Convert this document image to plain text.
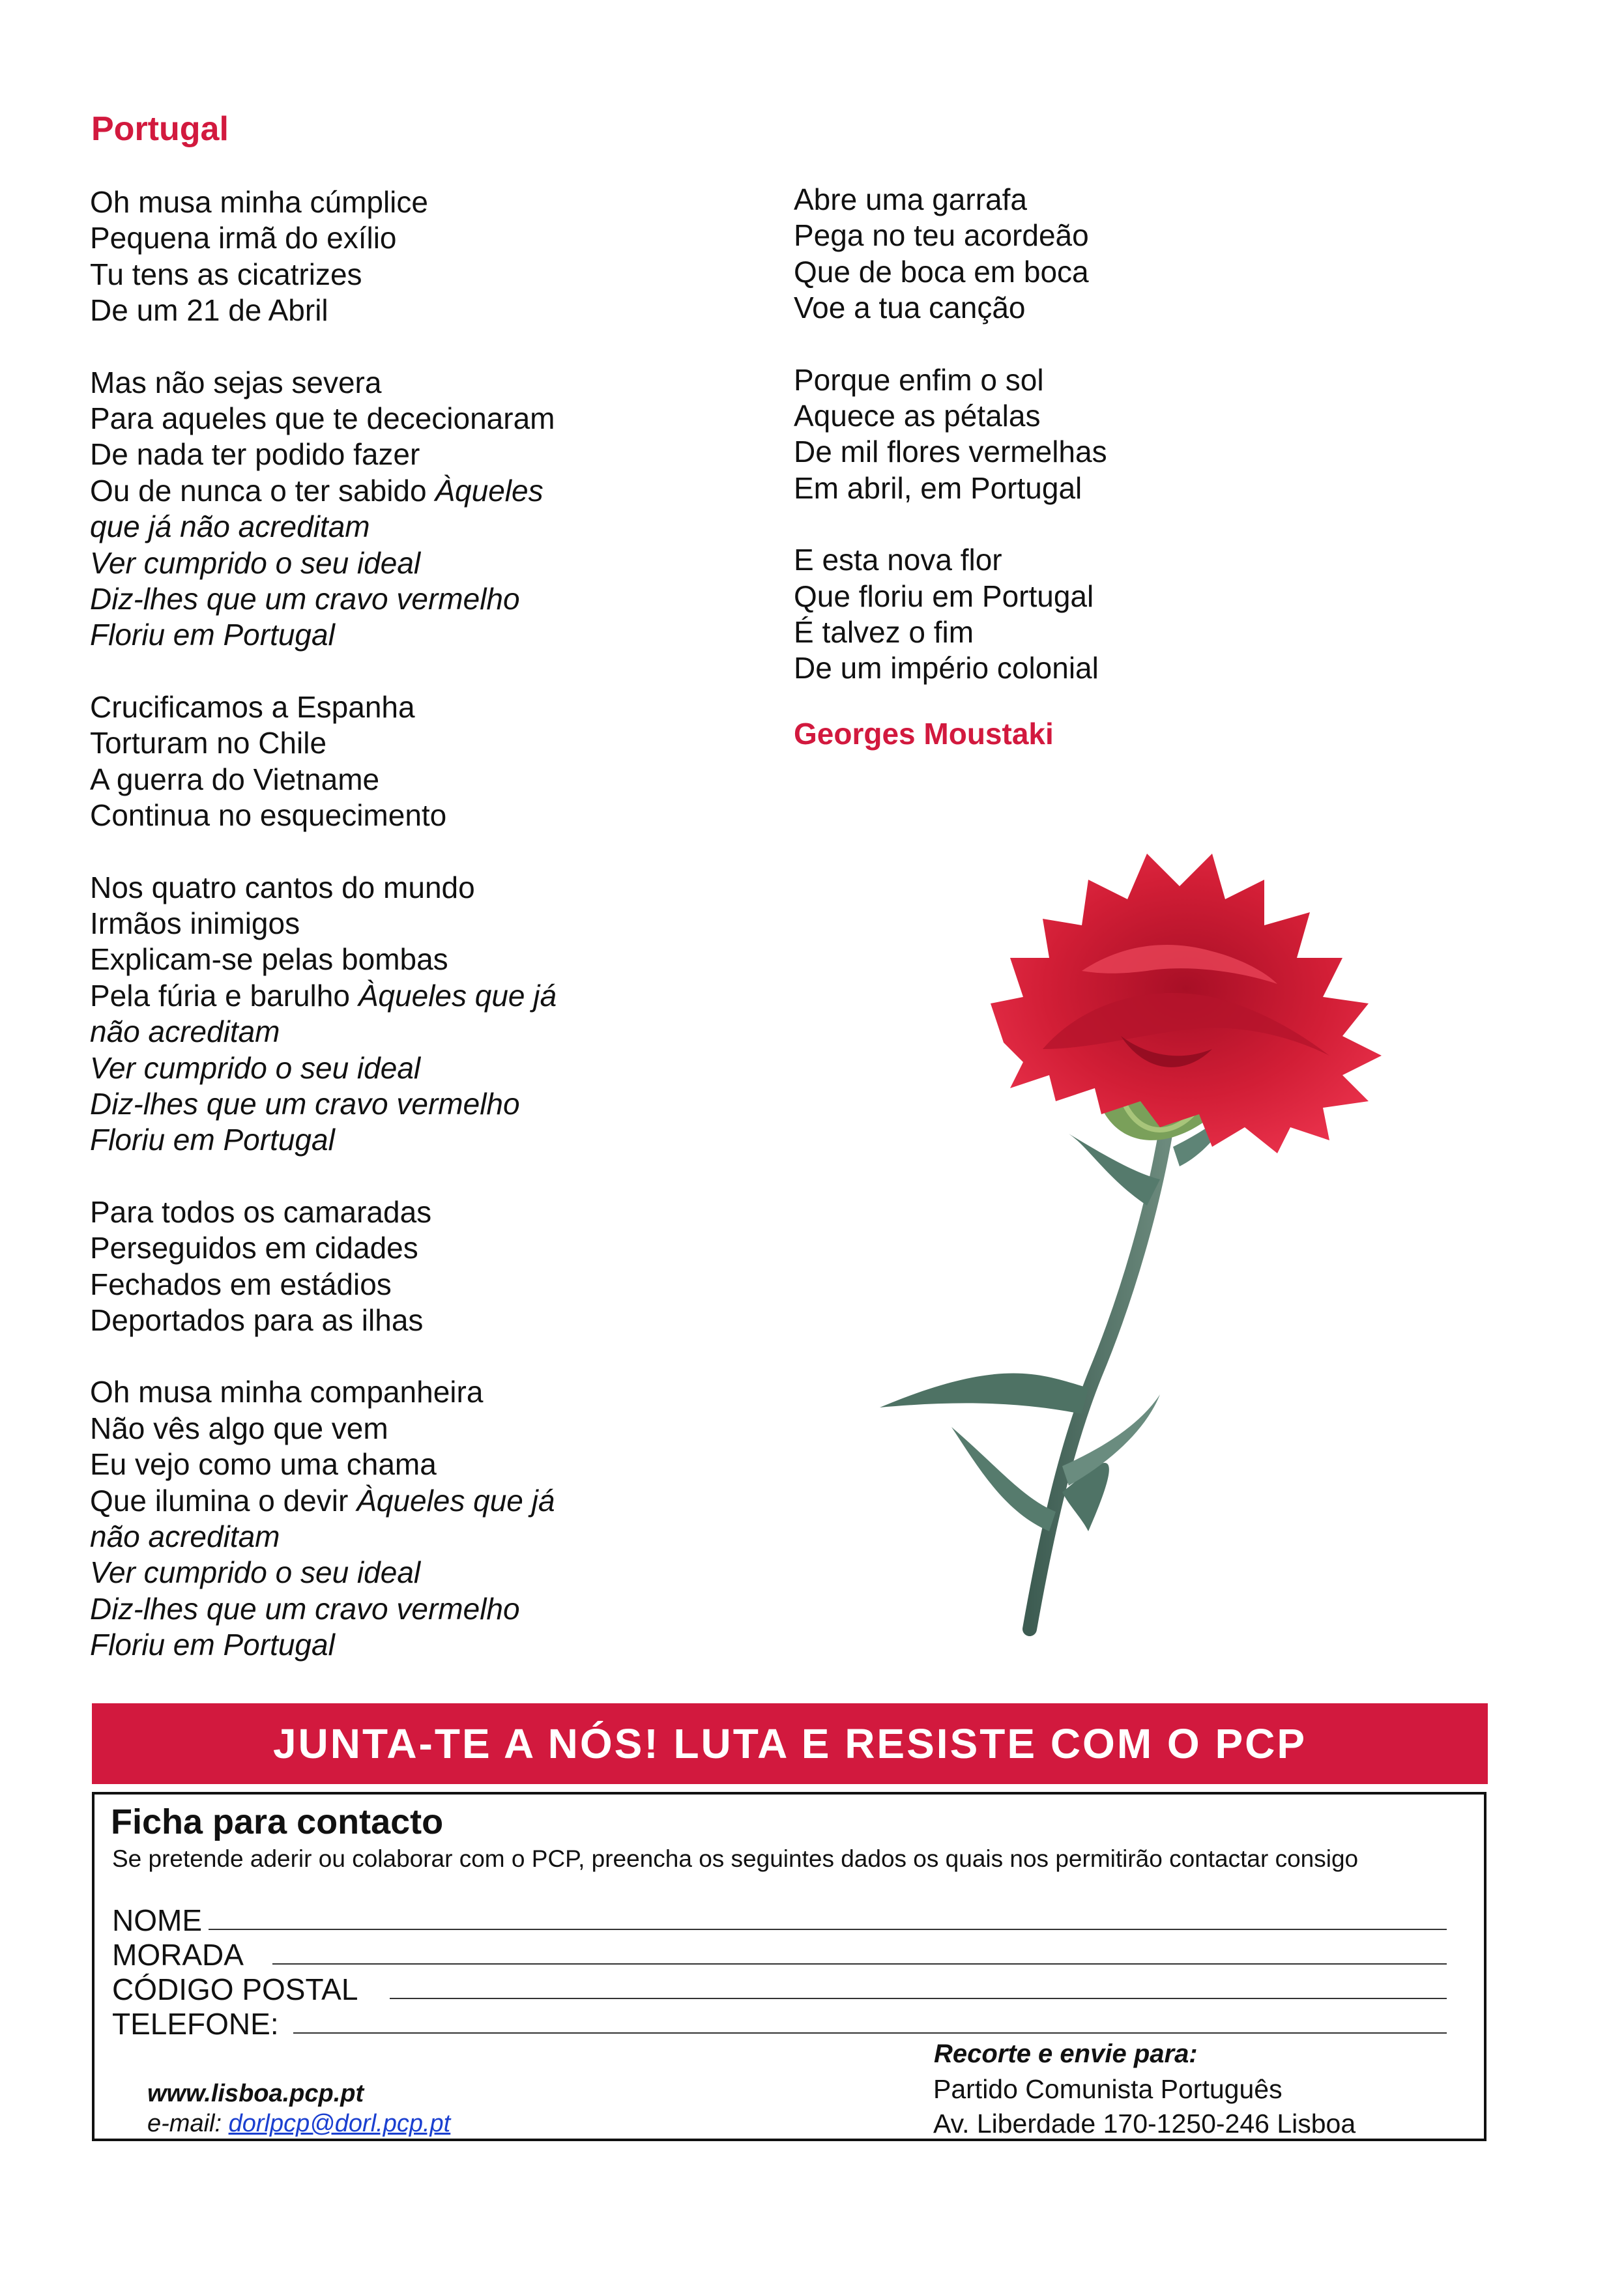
Portugal
Oh musa minha cúmplice
Pequena irmã do exílio
Tu tens as cicatrizes
De um 21 de Abril
Mas não sejas severa
Para aqueles que te dececionaram
De nada ter podido fazer
Ou de nunca o ter sabido Àqueles
que já não acreditam
Ver cumprido o seu ideal
Diz-lhes que um cravo vermelho
Floriu em Portugal
Crucificamos a Espanha
Torturam no Chile
A guerra do Vietname
Continua no esquecimento
Nos quatro cantos do mundo
Irmãos inimigos
Explicam-se pelas bombas
Pela fúria e barulho Àqueles que já
não acreditam
Ver cumprido o seu ideal
Diz-lhes que um cravo vermelho
Floriu em Portugal
Para todos os camaradas
Perseguidos em cidades
Fechados em estádios
Deportados para as ilhas
Oh musa minha companheira
Não vês algo que vem
Eu vejo como uma chama
Que ilumina o devir Àqueles que já
não acreditam
Ver cumprido o seu ideal
Diz-lhes que um cravo vermelho
Floriu em Portugal
Abre uma garrafa
Pega no teu acordeão
Que de boca em boca
Voe a tua canção
Porque enfim o sol
Aquece as pétalas
De mil flores vermelhas
Em abril, em Portugal
E esta nova flor
Que floriu em Portugal
É talvez o fim
De um império colonial
Georges Moustaki
JUNTA-TE A NÓS! LUTA E RESISTE COM O PCP
Ficha para contacto
Se pretende aderir ou colaborar com o PCP, preencha os seguintes dados os quais nos permitirão contactar consigo
NOME
MORADA
CÓDIGO POSTAL
TELEFONE:
www.lisboa.pcp.pt
e-mail: dorlpcp@dorl.pcp.pt
Recorte e envie para:
Partido Comunista Português
Av. Liberdade 170-1250-246 Lisboa
